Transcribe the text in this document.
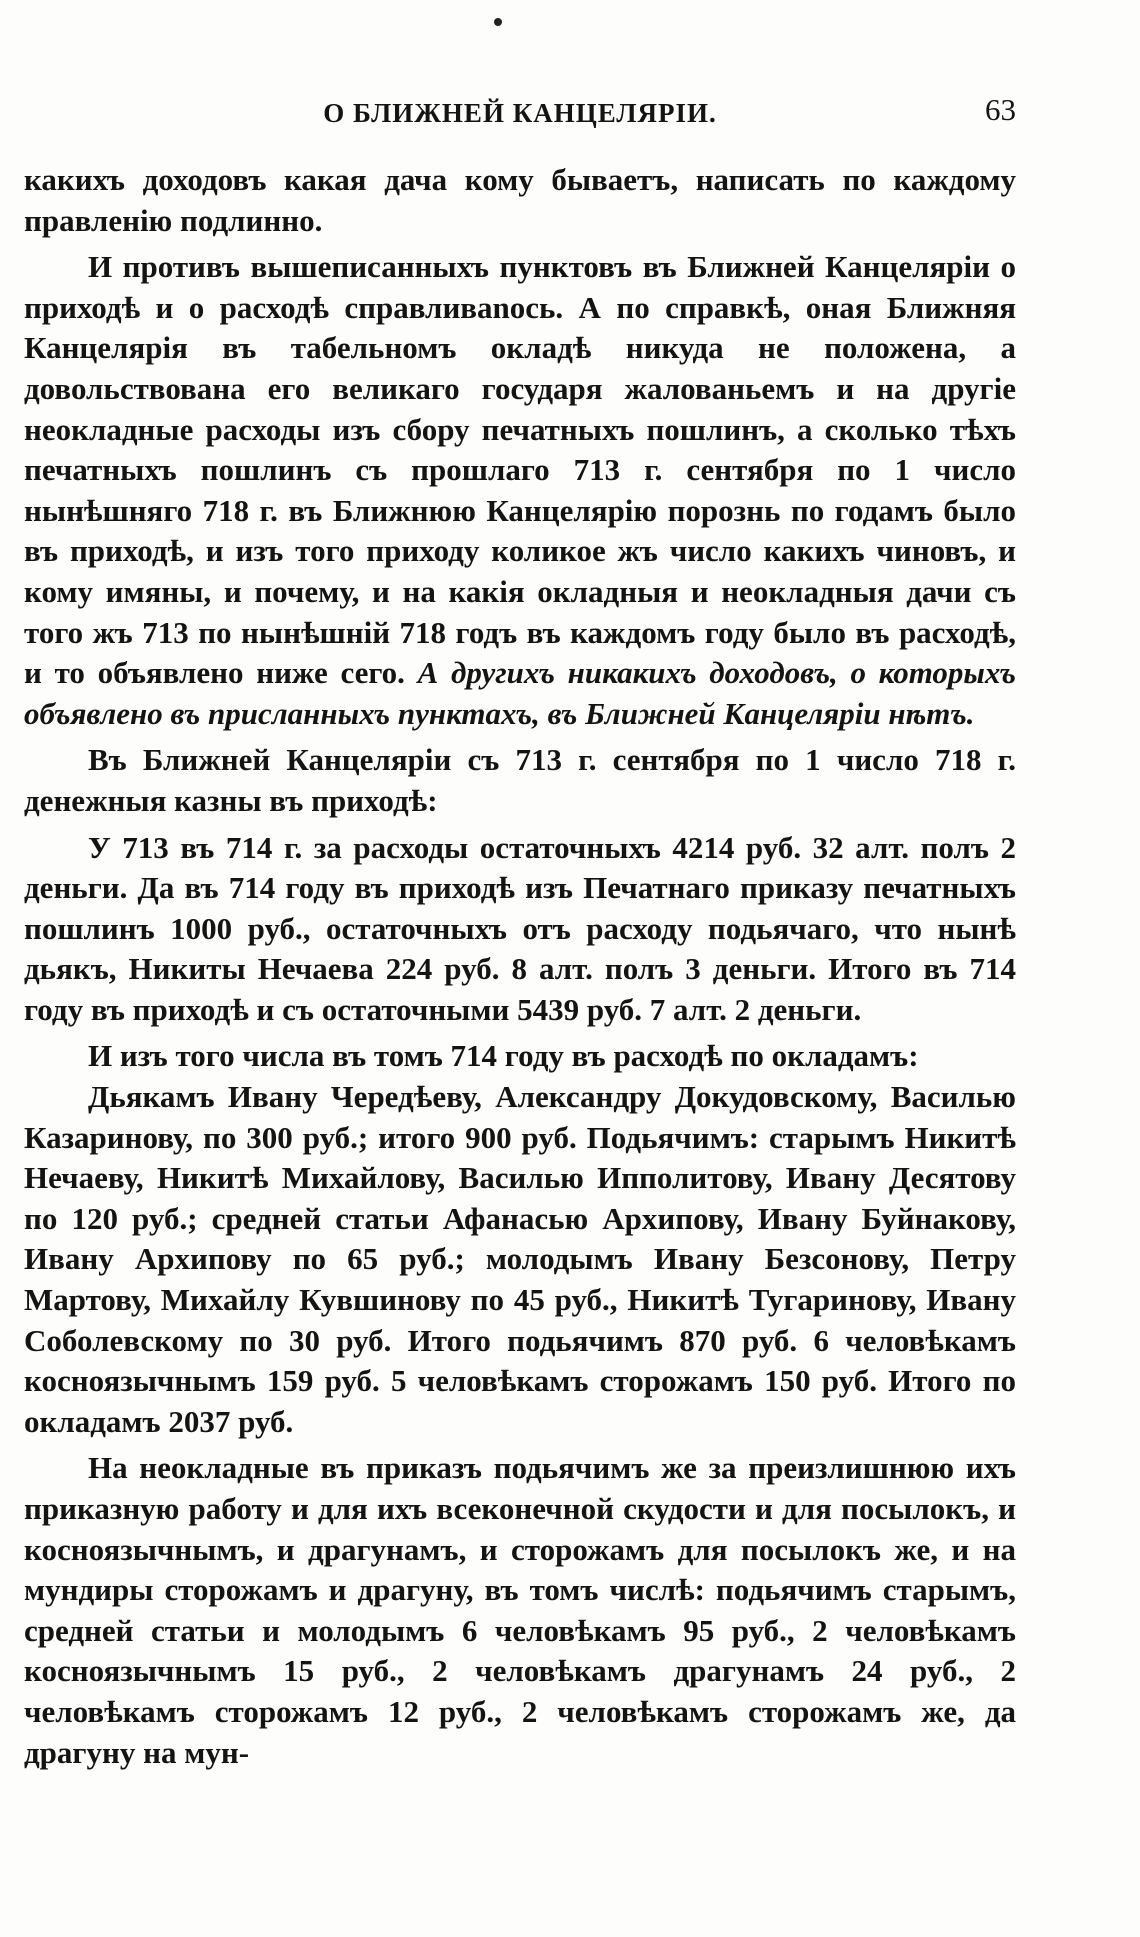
О БЛИЖНЕЙ КАНЦЕЛЯРІИ.	63

какихъ доходовъ какая дача кому бываетъ, написать по каждому правленію подлинно.

И противъ вышеписанныхъ пунктовъ въ Ближней Канцеляріи о приходѣ и о расходѣ справливаnось. А по справкѣ, оная Ближняя Канцелярія въ табельномъ окладѣ никуда не положена, а довольствована его великаго государя жалованьемъ и на другіе неокладные расходы изъ сбору печатныхъ пошлинъ, а сколько тѣхъ печатныхъ пошлинъ съ прошлаго 713 г. сентября по 1 число нынѣшняго 718 г. въ Ближнюю Канцелярію порознь по годамъ было въ приходѣ, и изъ того приходу коликое жъ число какихъ чиновъ, и кому имяны, и почему, и на какія окладныя и неокладныя дачи съ того жъ 713 по нынѣшній 718 годъ въ каждомъ году было въ расходѣ, и то объявлено ниже сего. А другихъ никакихъ доходовъ, о которыхъ объявлено въ присланныхъ пунктахъ, въ Ближней Канцеляріи нѣтъ.

Въ Ближней Канцеляріи съ 713 г. сентября по 1 число 718 г. денежныя казны въ приходѣ:

У 713 въ 714 г. за расходы остаточныхъ 4214 руб. 32 алт. полъ 2 деньги. Да въ 714 году въ приходѣ изъ Печатнаго приказу печатныхъ пошлинъ 1000 руб., остаточныхъ отъ расходу подьячаго, что нынѣ дьякъ, Никиты Нечаева 224 руб. 8 алт. полъ 3 деньги. Итого въ 714 году въ приходѣ и съ остаточными 5439 руб. 7 алт. 2 деньги.

И изъ того числа въ томъ 714 году въ расходѣ по окладамъ:

Дьякамъ Ивану Чередѣеву, Александру Докудовскому, Василью Казаринову, по 300 руб.; итого 900 руб. Подьячимъ: старымъ Никитѣ Нечаеву, Никитѣ Михайлову, Василью Ипполитову, Ивану Десятову по 120 руб.; средней статьи Афанасью Архипову, Ивану Буйнакову, Ивану Архипову по 65 руб.; молодымъ Ивану Безсонову, Петру Мартову, Михайлу Кувшинову по 45 руб., Никитѣ Тугаринову, Ивану Соболевскому по 30 руб. Итого подьячимъ 870 руб. 6 человѣкамъ косноязычнымъ 159 руб. 5 человѣкамъ сторожамъ 150 руб. Итого по окладамъ 2037 руб.

На неокладные въ приказъ подьячимъ же за преизлишнюю ихъ приказную работу и для ихъ всеконечной скудости и для посылокъ, и косноязычнымъ, и драгунамъ, и сторожамъ для посылокъ же, и на мундиры сторожамъ и драгуну, въ томъ числѣ: подьячимъ старымъ, средней статьи и молодымъ 6 человѣкамъ 95 руб., 2 человѣкамъ косноязычнымъ 15 руб., 2 человѣкамъ драгунамъ 24 руб., 2 человѣкамъ сторожамъ 12 руб., 2 человѣкамъ сторожамъ же, да драгуну на мун-
